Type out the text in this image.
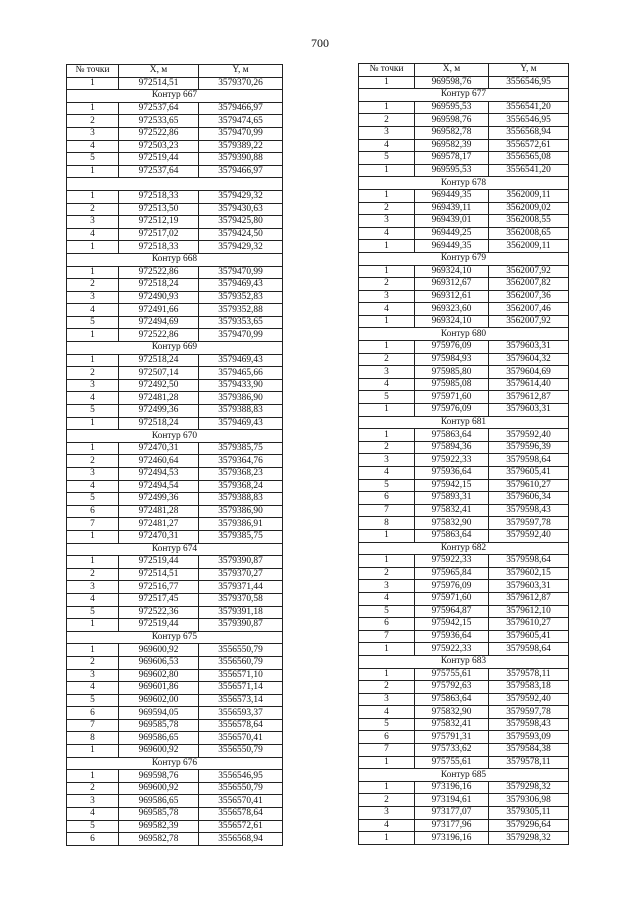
700
№ точки	X, м	Y, м
1	972514,51	3579370,26
Контур 667		
1	972537,64	3579466,97
2	972533,65	3579474,65
3	972522,86	3579470,99
4	972503,23	3579389,22
5	972519,44	3579390,88
1	972537,64	3579466,97

1	972518,33	3579429,32
2	972513,50	3579430,63
3	972512,19	3579425,80
4	972517,02	3579424,50
1	972518,33	3579429,32
Контур 668		
1	972522,86	3579470,99
2	972518,24	3579469,43
3	972490,93	3579352,83
4	972491,66	3579352,88
5	972494,69	3579353,65
1	972522,86	3579470,99
Контур 669		
1	972518,24	3579469,43
2	972507,14	3579465,66
3	972492,50	3579433,90
4	972481,28	3579386,90
5	972499,36	3579388,83
1	972518,24	3579469,43
Контур 670		
1	972470,31	3579385,75
2	972460,64	3579364,76
3	972494,53	3579368,23
4	972494,54	3579368,24
5	972499,36	3579388,83
6	972481,28	3579386,90
7	972481,27	3579386,91
1	972470,31	3579385,75
Контур 674		
1	972519,44	3579390,87
2	972514,51	3579370,27
3	972516,77	3579371,44
4	972517,45	3579370,58
5	972522,36	3579391,18
1	972519,44	3579390,87
Контур 675		
1	969600,92	3556550,79
2	969606,53	3556560,79
3	969602,80	3556571,10
4	969601,86	3556571,14
5	969602,00	3556573,14
6	969594,05	3556593,37
7	969585,78	3556578,64
8	969586,65	3556570,41
1	969600,92	3556550,79
Контур 676		
1	969598,76	3556546,95
2	969600,92	3556550,79
3	969586,65	3556570,41
4	969585,78	3556578,64
5	969582,39	3556572,61
6	969582,78	3556568,94
№ точки	X, м	Y, м
1	969598,76	3556546,95
Контур 677		
1	969595,53	3556541,20
2	969598,76	3556546,95
3	969582,78	3556568,94
4	969582,39	3556572,61
5	969578,17	3556565,08
1	969595,53	3556541,20
Контур 678		
1	969449,35	3562009,11
2	969439,11	3562009,02
3	969439,01	3562008,55
4	969449,25	3562008,65
1	969449,35	3562009,11
Контур 679		
1	969324,10	3562007,92
2	969312,67	3562007,82
3	969312,61	3562007,36
4	969323,60	3562007,46
1	969324,10	3562007,92
Контур 680		
1	975976,09	3579603,31
2	975984,93	3579604,32
3	975985,80	3579604,69
4	975985,08	3579614,40
5	975971,60	3579612,87
1	975976,09	3579603,31
Контур 681		
1	975863,64	3579592,40
2	975894,36	3579596,39
3	975922,33	3579598,64
4	975936,64	3579605,41
5	975942,15	3579610,27
6	975893,31	3579606,34
7	975832,41	3579598,43
8	975832,90	3579597,78
1	975863,64	3579592,40
Контур 682		
1	975922,33	3579598,64
2	975965,84	3579602,15
3	975976,09	3579603,31
4	975971,60	3579612,87
5	975964,87	3579612,10
6	975942,15	3579610,27
7	975936,64	3579605,41
1	975922,33	3579598,64
Контур 683		
1	975755,61	3579578,11
2	975792,63	3579583,18
3	975863,64	3579592,40
4	975832,90	3579597,78
5	975832,41	3579598,43
6	975791,31	3579593,09
7	975733,62	3579584,38
1	975755,61	3579578,11
Контур 685		
1	973196,16	3579298,32
2	973194,61	3579306,98
3	973177,07	3579305,11
4	973177,96	3579296,64
1	973196,16	3579298,32
